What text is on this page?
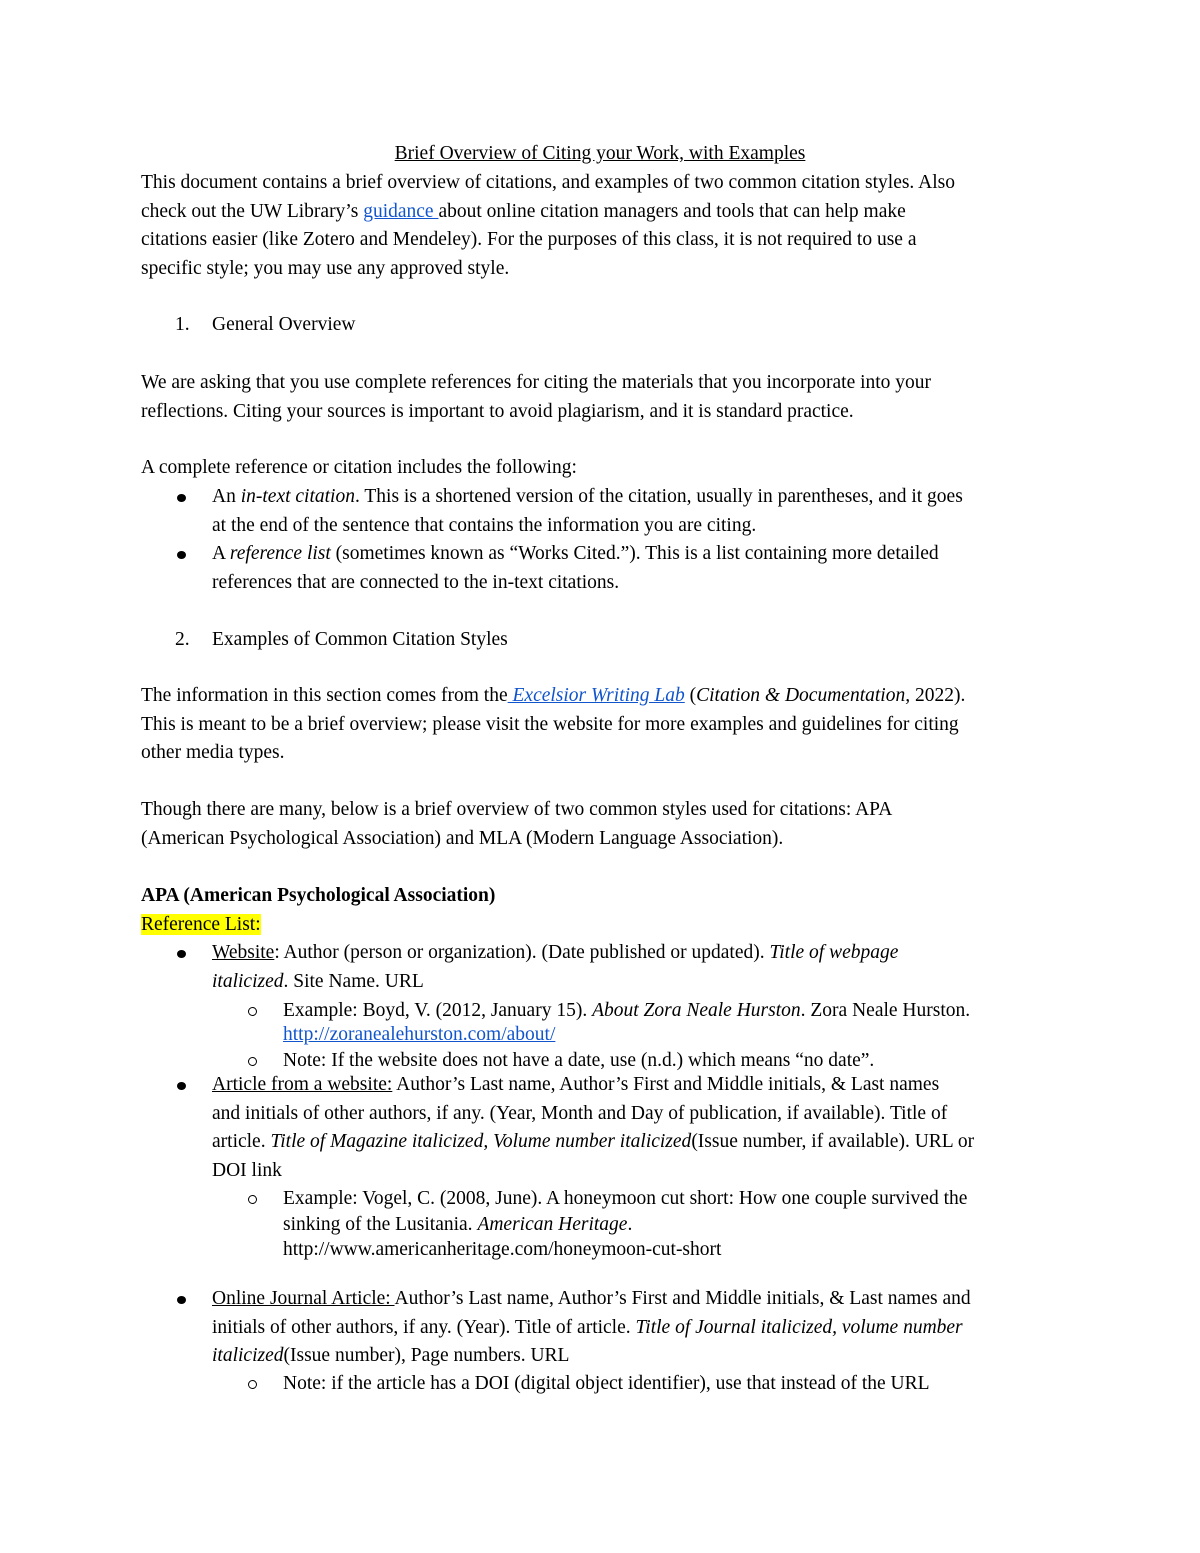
Brief Overview of Citing your Work, with Examples
This document contains a brief overview of citations, and examples of two common citation styles. Also
check out the UW Library’s guidance about online citation managers and tools that can help make
citations easier (like Zotero and Mendeley). For the purposes of this class, it is not required to use a
specific style; you may use any approved style.
1. General Overview
We are asking that you use complete references for citing the materials that you incorporate into your
reflections. Citing your sources is important to avoid plagiarism, and it is standard practice.
A complete reference or citation includes the following:
An in-text citation. This is a shortened version of the citation, usually in parentheses, and it goes
at the end of the sentence that contains the information you are citing.
A reference list (sometimes known as “Works Cited.”). This is a list containing more detailed
references that are connected to the in-text citations.
2. Examples of Common Citation Styles
The information in this section comes from the Excelsior Writing Lab (Citation & Documentation, 2022).
This is meant to be a brief overview; please visit the website for more examples and guidelines for citing
other media types.
Though there are many, below is a brief overview of two common styles used for citations: APA
(American Psychological Association) and MLA (Modern Language Association).
APA (American Psychological Association)
Reference List:
Website: Author (person or organization). (Date published or updated). Title of webpage
italicized. Site Name. URL
Example: Boyd, V. (2012, January 15). About Zora Neale Hurston. Zora Neale Hurston.
http://zoranealehurston.com/about/
Note: If the website does not have a date, use (n.d.) which means “no date”.
Article from a website: Author’s Last name, Author’s First and Middle initials, & Last names
and initials of other authors, if any. (Year, Month and Day of publication, if available). Title of
article. Title of Magazine italicized, Volume number italicized(Issue number, if available). URL or
DOI link
Example: Vogel, C. (2008, June). A honeymoon cut short: How one couple survived the
sinking of the Lusitania. American Heritage.
http://www.americanheritage.com/honeymoon-cut-short
Online Journal Article: Author’s Last name, Author’s First and Middle initials, & Last names and
initials of other authors, if any. (Year). Title of article. Title of Journal italicized, volume number
italicized(Issue number), Page numbers. URL
Note: if the article has a DOI (digital object identifier), use that instead of the URL
